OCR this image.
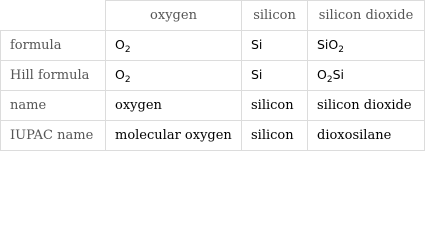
	oxygen	silicon	silicon dioxide
formula	$O_2$	Si	SiO$_2$
Hill formula	$O_2$	Si	$O_2Si$
name	oxygen	silicon	silicon dioxide
IUPAC name	molecular oxygen	silicon	dioxosilane
